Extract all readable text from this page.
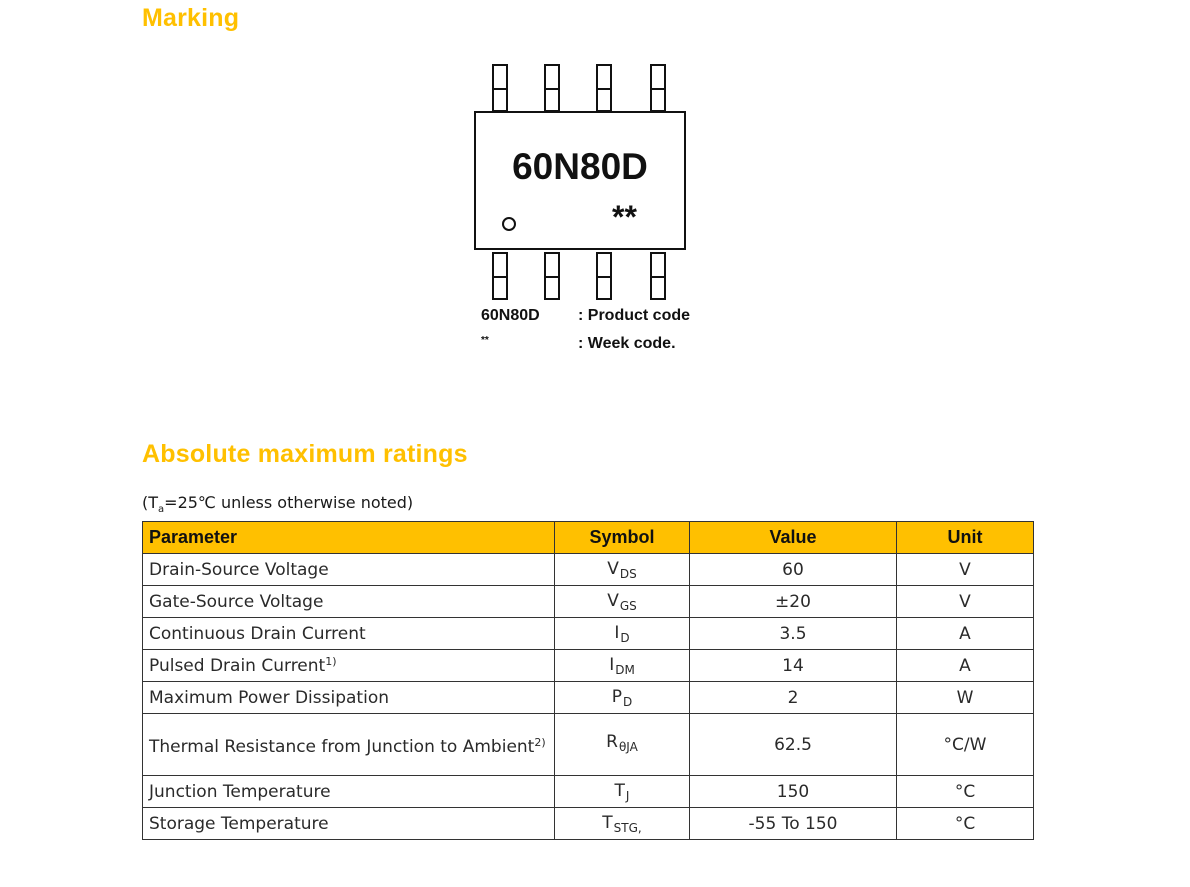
Marking
60N80D
**
60N80D : Product code
**	: Week code.
Absolute maximum ratings
($T_a=25℃$ unless otherwise noted)
Parameter	Symbol	Value	Unit
Drain-Source Voltage	$V_{DS}$	60	V
Gate-Source Voltage	$V_{GS}$	±20	V
Continuous Drain Current	$I_D$	3.5	A
Pulsed Drain Current$^{1)}$	$I_{DM}$	14	A
Maximum Power Dissipation	$P_D$	2	W
Thermal Resistance from Junction to Ambient$^{2)}$	$R_{\theta JA}$	62.5	°C/W
Junction Temperature	$T_J$	150	°C
Storage Temperature	$T_{STG,}$	-55 To 150	°C
